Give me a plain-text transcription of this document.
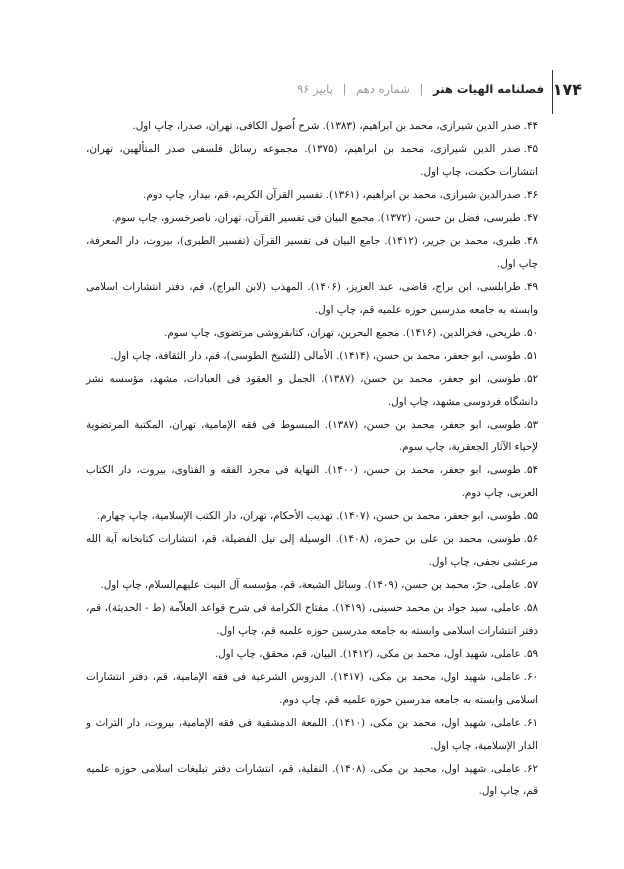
۱۷۴
فصلنامه الهیات هنر | شماره دهم | پاییز ۹۶
۴۴.صدر الدین شیرازی، محمد بن ابراهیم، (۱۳۸۳). شرح اُصول الکافی، تهران، صدرا، چاپ اول.
۴۵.صدر الدین شیرازی، محمد بن ابراهیم، (۱۳۷۵). مجموعه رسائل فلسفی صدر المتألهین، تهران، انتشارات حکمت، چاپ اول.
۴۶.صدرالدین شیرازی، محمد بن ابراهیم، (۱۳۶۱). تفسیر القرآن الکریم، قم، بیدار، چاپ دوم.
۴۷.طبرسی، فضل بن حسن، (۱۳۷۲). مجمع البیان فی تفسیر القرآن، تهران، ناصرخسرو، چاپ سوم.
۴۸.طبری، محمد بن جریر، (۱۴۱۲). جامع البیان فی تفسیر القرآن (تفسیر الطبری)، بیروت، دار المعرفة، چاپ اول.
۴۹.طرابلسی، ابن براج، قاضی، عبد العزیز، (۱۴۰۶). المهذب (لابن البراج)، قم، دفتر انتشارات اسلامی وابسته به جامعه مدرسین حوزه علمیه قم، چاپ اول.
۵۰.طریحی، فخرالدین، (۱۴۱۶). مجمع البحرین، تهران، کتابفروشی مرتضوی، چاپ سوم.
۵۱.طوسی، ابو جعفر، محمد بن حسن، (۱۴۱۴). الأمالی (للشیخ الطوسی)، قم، دار الثقافة، چاپ اول.
۵۲.طوسی، ابو جعفر، محمد بن حسن، (۱۳۸۷). الجمل و العقود فی العبادات، مشهد، مؤسسه نشر دانشگاه فردوسی مشهد، چاپ اول.
۵۳.طوسی، ابو جعفر، محمد بن حسن، (۱۳۸۷). المبسوط فی فقه الإمامیة، تهران، المکتبة المرتضویة لإحیاء الآثار الجعفریة، چاپ سوم.
۵۴.طوسی، ابو جعفر، محمد بن حسن، (۱۴۰۰). النهایة فی مجرد الفقه و الفتاوی، بیروت، دار الکتاب العربی، چاپ دوم.
۵۵.طوسی، ابو جعفر، محمد بن حسن، (۱۴۰۷). تهذیب الأحکام، تهران، دار الکتب الإسلامیة، چاپ چهارم.
۵۶.طوسی، محمد بن علی بن حمزه، (۱۴۰۸). الوسیلة إلی نیل الفضیلة، قم، انتشارات کتابخانه آیة الله مرعشی نجفی، چاپ اول.
۵۷.عاملی، حرّ، محمد بن حسن، (۱۴۰۹). وسائل الشیعة، قم، مؤسسه آل البیت علیهم‌السلام، چاپ اول.
۵۸.عاملی، سید جواد بن محمد حسینی، (۱۴۱۹). مفتاح الکرامة فی شرح قواعد العلاّمة (ط - الحدیثة)، قم، دفتر انتشارات اسلامی وابسته به جامعه مدرسین حوزه علمیه قم، چاپ اول.
۵۹.عاملی، شهید اول، محمد بن مکی، (۱۴۱۲). البیان، قم، محقق، چاپ اول.
۶۰.عاملی، شهید اول، محمد بن مکی، (۱۴۱۷). الدروس الشرعیة فی فقه الإمامیة، قم، دفتر انتشارات اسلامی وابسته به جامعه مدرسین حوزه علمیه قم، چاپ دوم.
۶۱.عاملی، شهید اول، محمد بن مکی، (۱۴۱۰). اللمعة الدمشقیة فی فقه الإمامیة، بیروت، دار التراث و الدار الإسلامیة، چاپ اول.
۶۲.عاملی، شهید اول، محمد بن مکی، (۱۴۰۸). النفلیة، قم، انتشارات دفتر تبلیغات اسلامی حوزه علمیه قم، چاپ اول.
